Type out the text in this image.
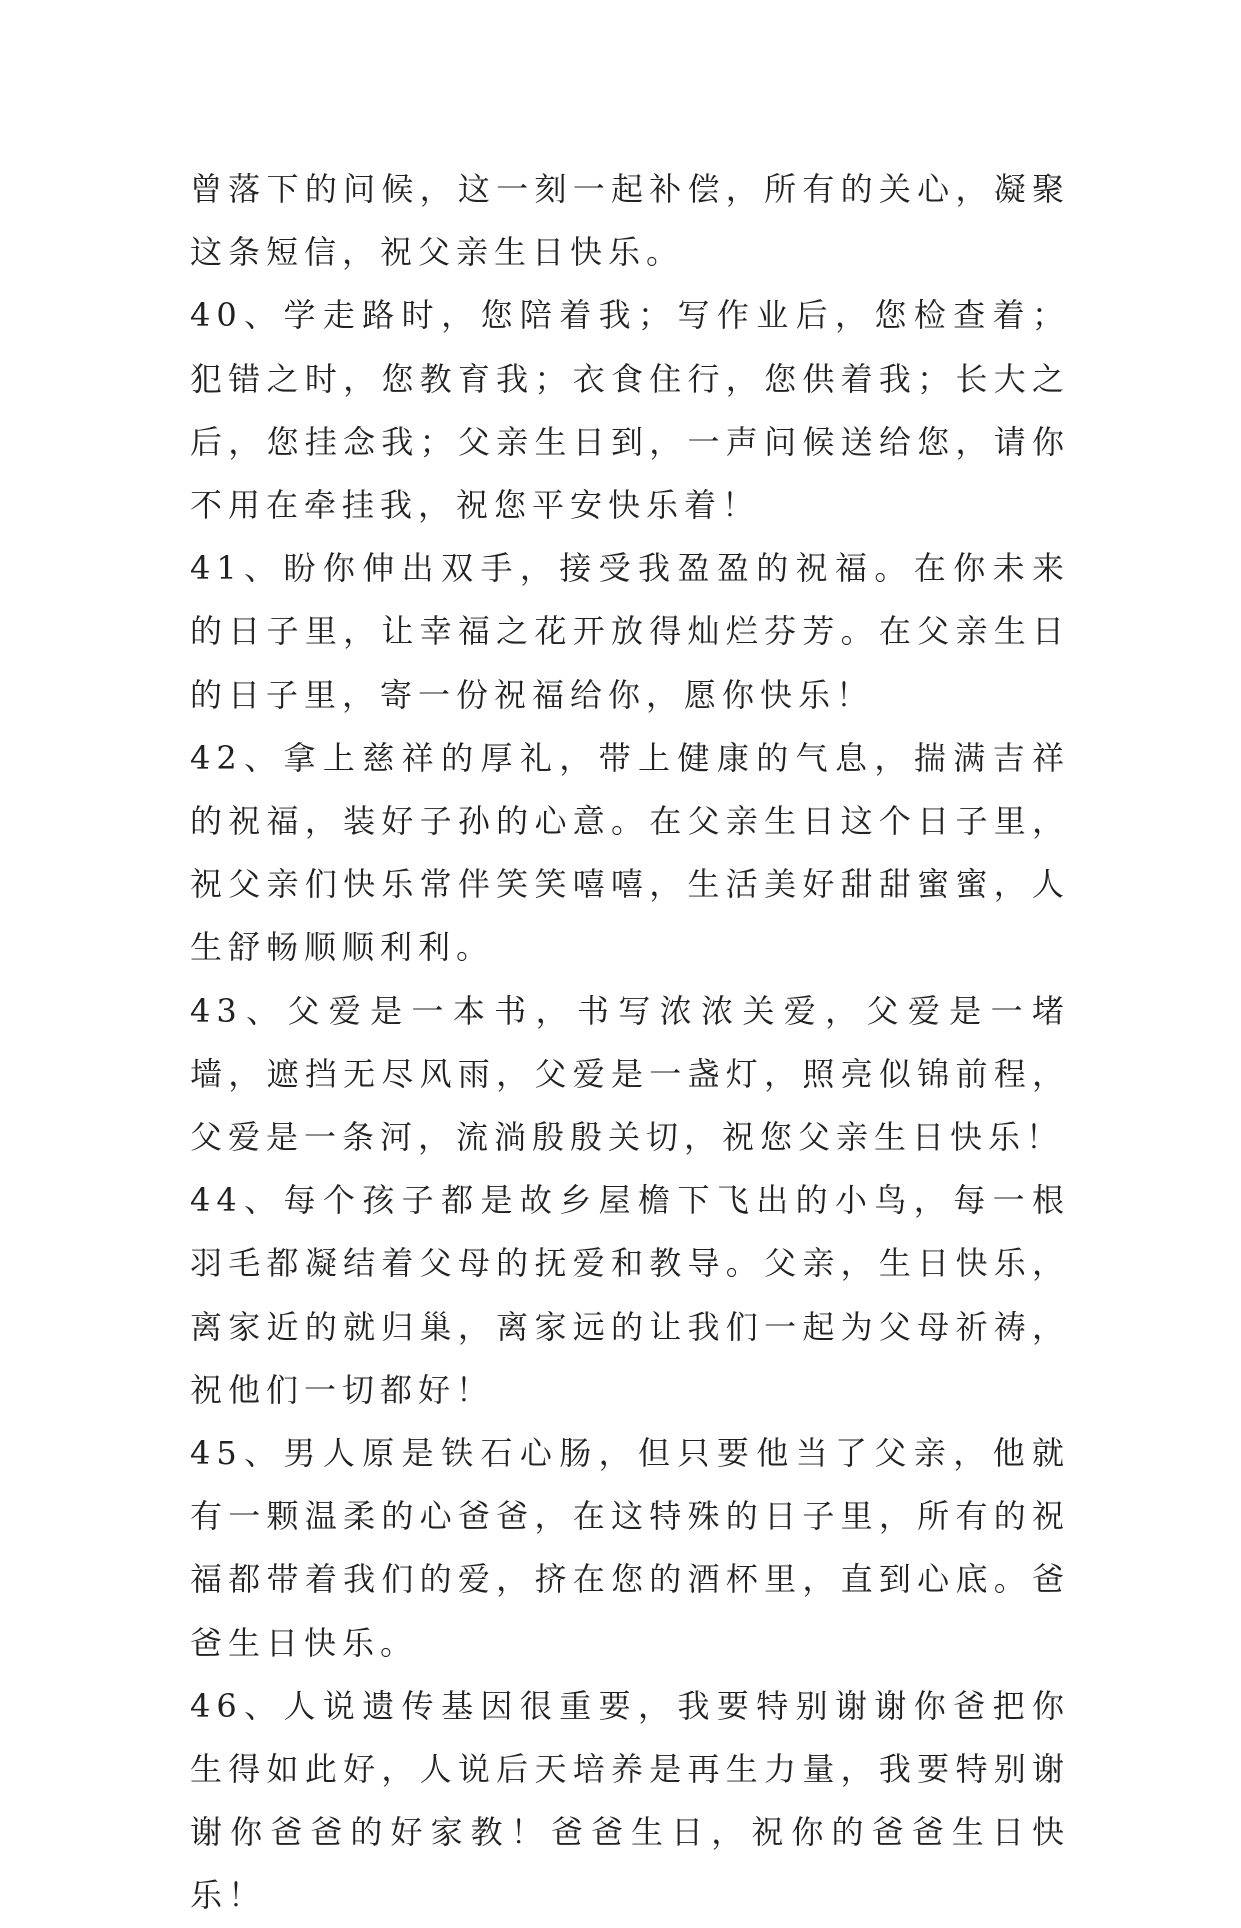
曾落下的问候，这一刻一起补偿，所有的关心，凝聚这条短信，祝父亲生日快乐。

40、学走路时，您陪着我；写作业后，您检查着；犯错之时，您教育我；衣食住行，您供着我；长大之后，您挂念我；父亲生日到，一声问候送给您，请你不用在牵挂我，祝您平安快乐着！

41、盼你伸出双手，接受我盈盈的祝福。在你未来的日子里，让幸福之花开放得灿烂芬芳。在父亲生日的日子里，寄一份祝福给你，愿你快乐！

42、拿上慈祥的厚礼，带上健康的气息，揣满吉祥的祝福，装好子孙的心意。在父亲生日这个日子里，祝父亲们快乐常伴笑笑嘻嘻，生活美好甜甜蜜蜜，人生舒畅顺顺利利。

43、父爱是一本书，书写浓浓关爱，父爱是一堵墙，遮挡无尽风雨，父爱是一盏灯，照亮似锦前程，父爱是一条河，流淌殷殷关切，祝您父亲生日快乐！

44、每个孩子都是故乡屋檐下飞出的小鸟，每一根羽毛都凝结着父母的抚爱和教导。父亲，生日快乐，离家近的就归巢，离家远的让我们一起为父母祈祷，祝他们一切都好！

45、男人原是铁石心肠，但只要他当了父亲，他就有一颗温柔的心爸爸，在这特殊的日子里，所有的祝福都带着我们的爱，挤在您的酒杯里，直到心底。爸爸生日快乐。

46、人说遗传基因很重要，我要特别谢谢你爸把你生得如此好，人说后天培养是再生力量，我要特别谢谢你爸爸的好家教！爸爸生日，祝你的爸爸生日快乐！
